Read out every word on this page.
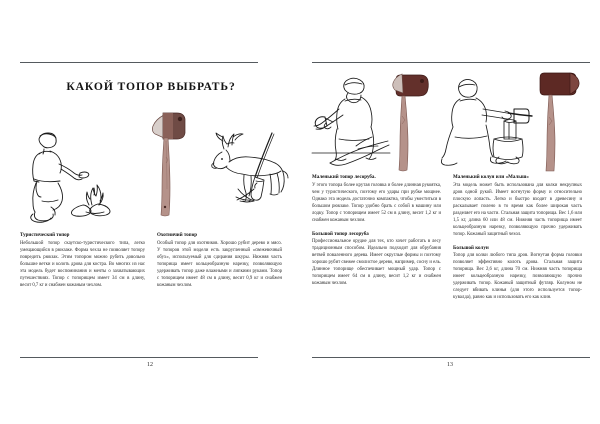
КАКОЙ ТОПОР ВЫБРАТЬ?
Туристический топор

Небольшой топор скаутско-туристического типа, легко умещающийся в рюкзаке. Форма чехла не позволяет топору повредить рюкзак. Этим топором можно рубить довольно большие ветки и колоть дрова для костра. Во многих из нас эта модель будет воспоминания и мечты о захватывающих путешествиях. Топор с топорищем имеет 34 см в длину, весит 0,7 кг и снабжен кожаным чехлом.

Охотничий топор

Особый топор для охотников. Хорошо рубит дерево и мясо. У топоров этой модели есть закругленный «свежевочный обух», используемый для сдирания шкуры. Нижняя часть топорища имеет кольцеобразную нарезку, позволяющую удерживать топор даже влажными и липкими руками. Топор с топорищем имеет 48 см в длину, весит 0,9 кг и снабжен кожаным чехлом.

12
Маленький топор лесоруба.

У этого топора более крутая головка и более длинная рукоятка, чем у туристического, поэтому его удары при рубке мощнее. Однако эта модель достаточно компактна, чтобы уместиться в большом рюкзаке. Топор удобно брать с собой в машину или лодку. Топор с топорищем имеет 52 см в длину, весит 1,2 кг и снабжен кожаным чехлом.

Большой топор лесоруба

Профессиональное орудие для тех, кто хочет работать в лесу традиционным способом. Идеально подходит для обрубания ветвей поваленного дерева. Имеет округлые формы и поэтому хорошо рубит свежее смолистое дерево, например, сосну и ель. Длинное топорище обеспечивает мощный удар. Топор с топорищем имеет 64 см в длину, весит 1,2 кг и снабжен кожаным чехлом.

Маленький колун или «Малыш»

Эта модель может быть использована для колки некрупных дров одной рукой. Имеет вогнутую форму и относительно плоскую лопасть. Легко и быстро входит в древесину и раскалывает полено в то время как более широкая часть разделяет его на части. Стальная защита топорища. Вес 1,6 или 1,5 кг, длина 60 или 48 см. Нижняя часть топорища имеет кольцеобразную нарезку, позволяющую прочно удерживать топор. Кожаный защитный чехол.

Большой колун

Топор для колки любого типа дров. Вогнутая форма головки позволяет эффективно колоть дрова. Стальная защита топорища. Вес 2,6 кг, длина 70 см. Нижняя часть топорища имеет кольцеобразную нарезку, позволяющую прочно удерживать топор. Кожаный защитный футляр. Колуном не следует вбивать клинья (для этого используется топор-кувалда), равно как и использовать его как клин.

13
